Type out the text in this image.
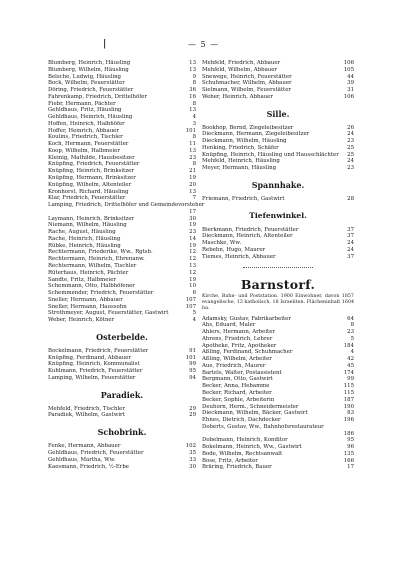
|	— 5 —
Blumberg, Heinrich, Häusling	13
Blumberg, Wilhelm, Häusling	13
Belsche, Ludwig, Häusling	9
Bock, Wilhelm, Feuerstätter	8
Döring, Friedrich, Feuerstätter	36
Fahrenkamp, Friedrich, Drittelhöfer	16
Fiebr, Hermann, Pächter	8
Gehldhaus, Fritz, Häusling	13
Gehldhaus, Heinrich, Häusling	4
Hoffen, Heinrich, Halbhöfer	3
Hoffer, Heinrich, Abbauer	101
Koulins, Friedrich, Tischler	8
Koch, Hermann, Feuerstätter	11
Koop, Wilhelm, Halbmeier	13
Kleinig, Mathilde, Hausbesitzer	23
Knüpfing, Friedrich, Feuerstätter	8
Knüpfing, Heinrich, Brinksitzer	21
Knüpfing, Hermann, Brinksitzer	19
Knüpfing, Wilhelm, Altenteiler	20
Kronhorst, Richard, Häusling	13
Klar, Friedrich, Feuerstätter	7
Lamping, Friedrich, Drittelhöfer und Gemeindevorsteher
17
Laymann, Heinrich, Brinksitzer	30
Niemann, Wilhelm, Häusling	19
Rache, August, Häusling	23
Rache, Heinrich, Häusling	14
Rübke, Heinrich, Häusling	19
Rechtermann, Friederike, Ww., Rgtsb.	12
Rechtermann, Heinrich, Ehrenanw.	12
Rechtermann, Wilhelm, Tischler	13
Rüterhaus, Heinrich, Pächter	12
Sandte, Fritz, Halbmeier	19
Schemmann, Otto, Halbhöfener	10
Schemmender, Friedrich, Feuerstätter	6
Sneller, Hermann, Abbauer	107
Sneller, Hermann, Haussohn	107
Strothmeyer, August, Feuerstätter, Gastwirt	5
Weber, Heinrich, Kötner	4
Osterbelde.
Bockelmann, Friedrich, Feuerstätter	91
Knüpfing, Ferdinand, Abbauer	101
Knüpfing, Heinrich, Kommunalist	99
Kuhlmann, Friedrich, Feuerstätter	95
Lamping, Wilhelm, Feuerstätter	94
Paradiek.
Mehfeld, Friedrich, Tischler	29
Paradiek, Wilhelm, Gastwirt	29
Schobrink.
Fenke, Hermann, Abbauer	102
Gehldhaus, Friedrich, Feuerstätter	35
Gehldhaus, Martha, Ww.	33
Kaesmann, Friedrich, ½-Erbe	30
Mehfeld, Friedrich, Abbauer	106
Mehfeld, Wilhelm, Abbauer	105
Snewege, Heinrich, Feuerstätter	44
Schuhmacher, Wilhelm, Abbauer	39
Sielmann, Wilhelm, Feuerstätter	31
Weber, Heinrich, Abbauer	106
Sille.
Bookhop, Bernd, Ziegeleibesitzer	26
Dieckmann, Hermann, Ziegeleibesitzer	24
Dieckmann, Wilhelm, Häusling	23
Henking, Friedrich, Schäfer	25
Knüpfing, Heinrich, Häusling und Hausschlächter	25
Mehfeld, Heinrich, Häusling	24
Meyer, Hermann, Häusling	23
Spannhake.
Friemann, Friedrich, Gastwirt	28
Tiefenwinkel.
Bierkmann, Friedrich, Feuerstätter	37
Dieckmann, Heinrich, Altenteiler	37
Maschke, Ww.	24
Rebehn, Hugo, Maurer	24
Tiemes, Heinrich, Abbauer	37
Barnstorf.
Kirche, Bahn- und Poststation. 1900 Einwohner, davon 1857 evangelische, 13 katholisch, 18 Israeliten. Flächeninhalt 1604 ha.
Adamsky, Gustav, Fabrikarbeiter	64
Ahs, Eduard, Maler	8
Ahlers, Hermann, Arbeiter	23
Ahrens, Friedrich, Lehrer	5
Apotheke, Fritz, Apotheker	184
Aßling, Ferdinand, Schuhmacher	4
Aßling, Wilhelm, Arbeiter	42
Aue, Friedrich, Maurer	45
Bartels, Walter, Postassistent	174
Bergmann, Otto, Gastwirt	99
Becker, Anna, Hebamme	115
Becker, Richard, Arbeiter	115
Becker, Sophie, Arbeiterin	187
Deuhorn, Herm., Schneidermeister	190
Dieckmann, Wilhelm, Bäcker, Gastwirt	83
Ehnes, Dietrich, Dachdecker	196
Doberts, Gustav, Ww., Bahnhofsrestaurateur
186
Dobelmann, Heinrich, Konditor	95
Bokelmann, Heinrich, Ww., Gastwirt	96
Bode, Wilhelm, Rechtsanwalt	135
Bose, Fritz, Arbeiter	166
Bräring, Friedrich, Bauer	17
